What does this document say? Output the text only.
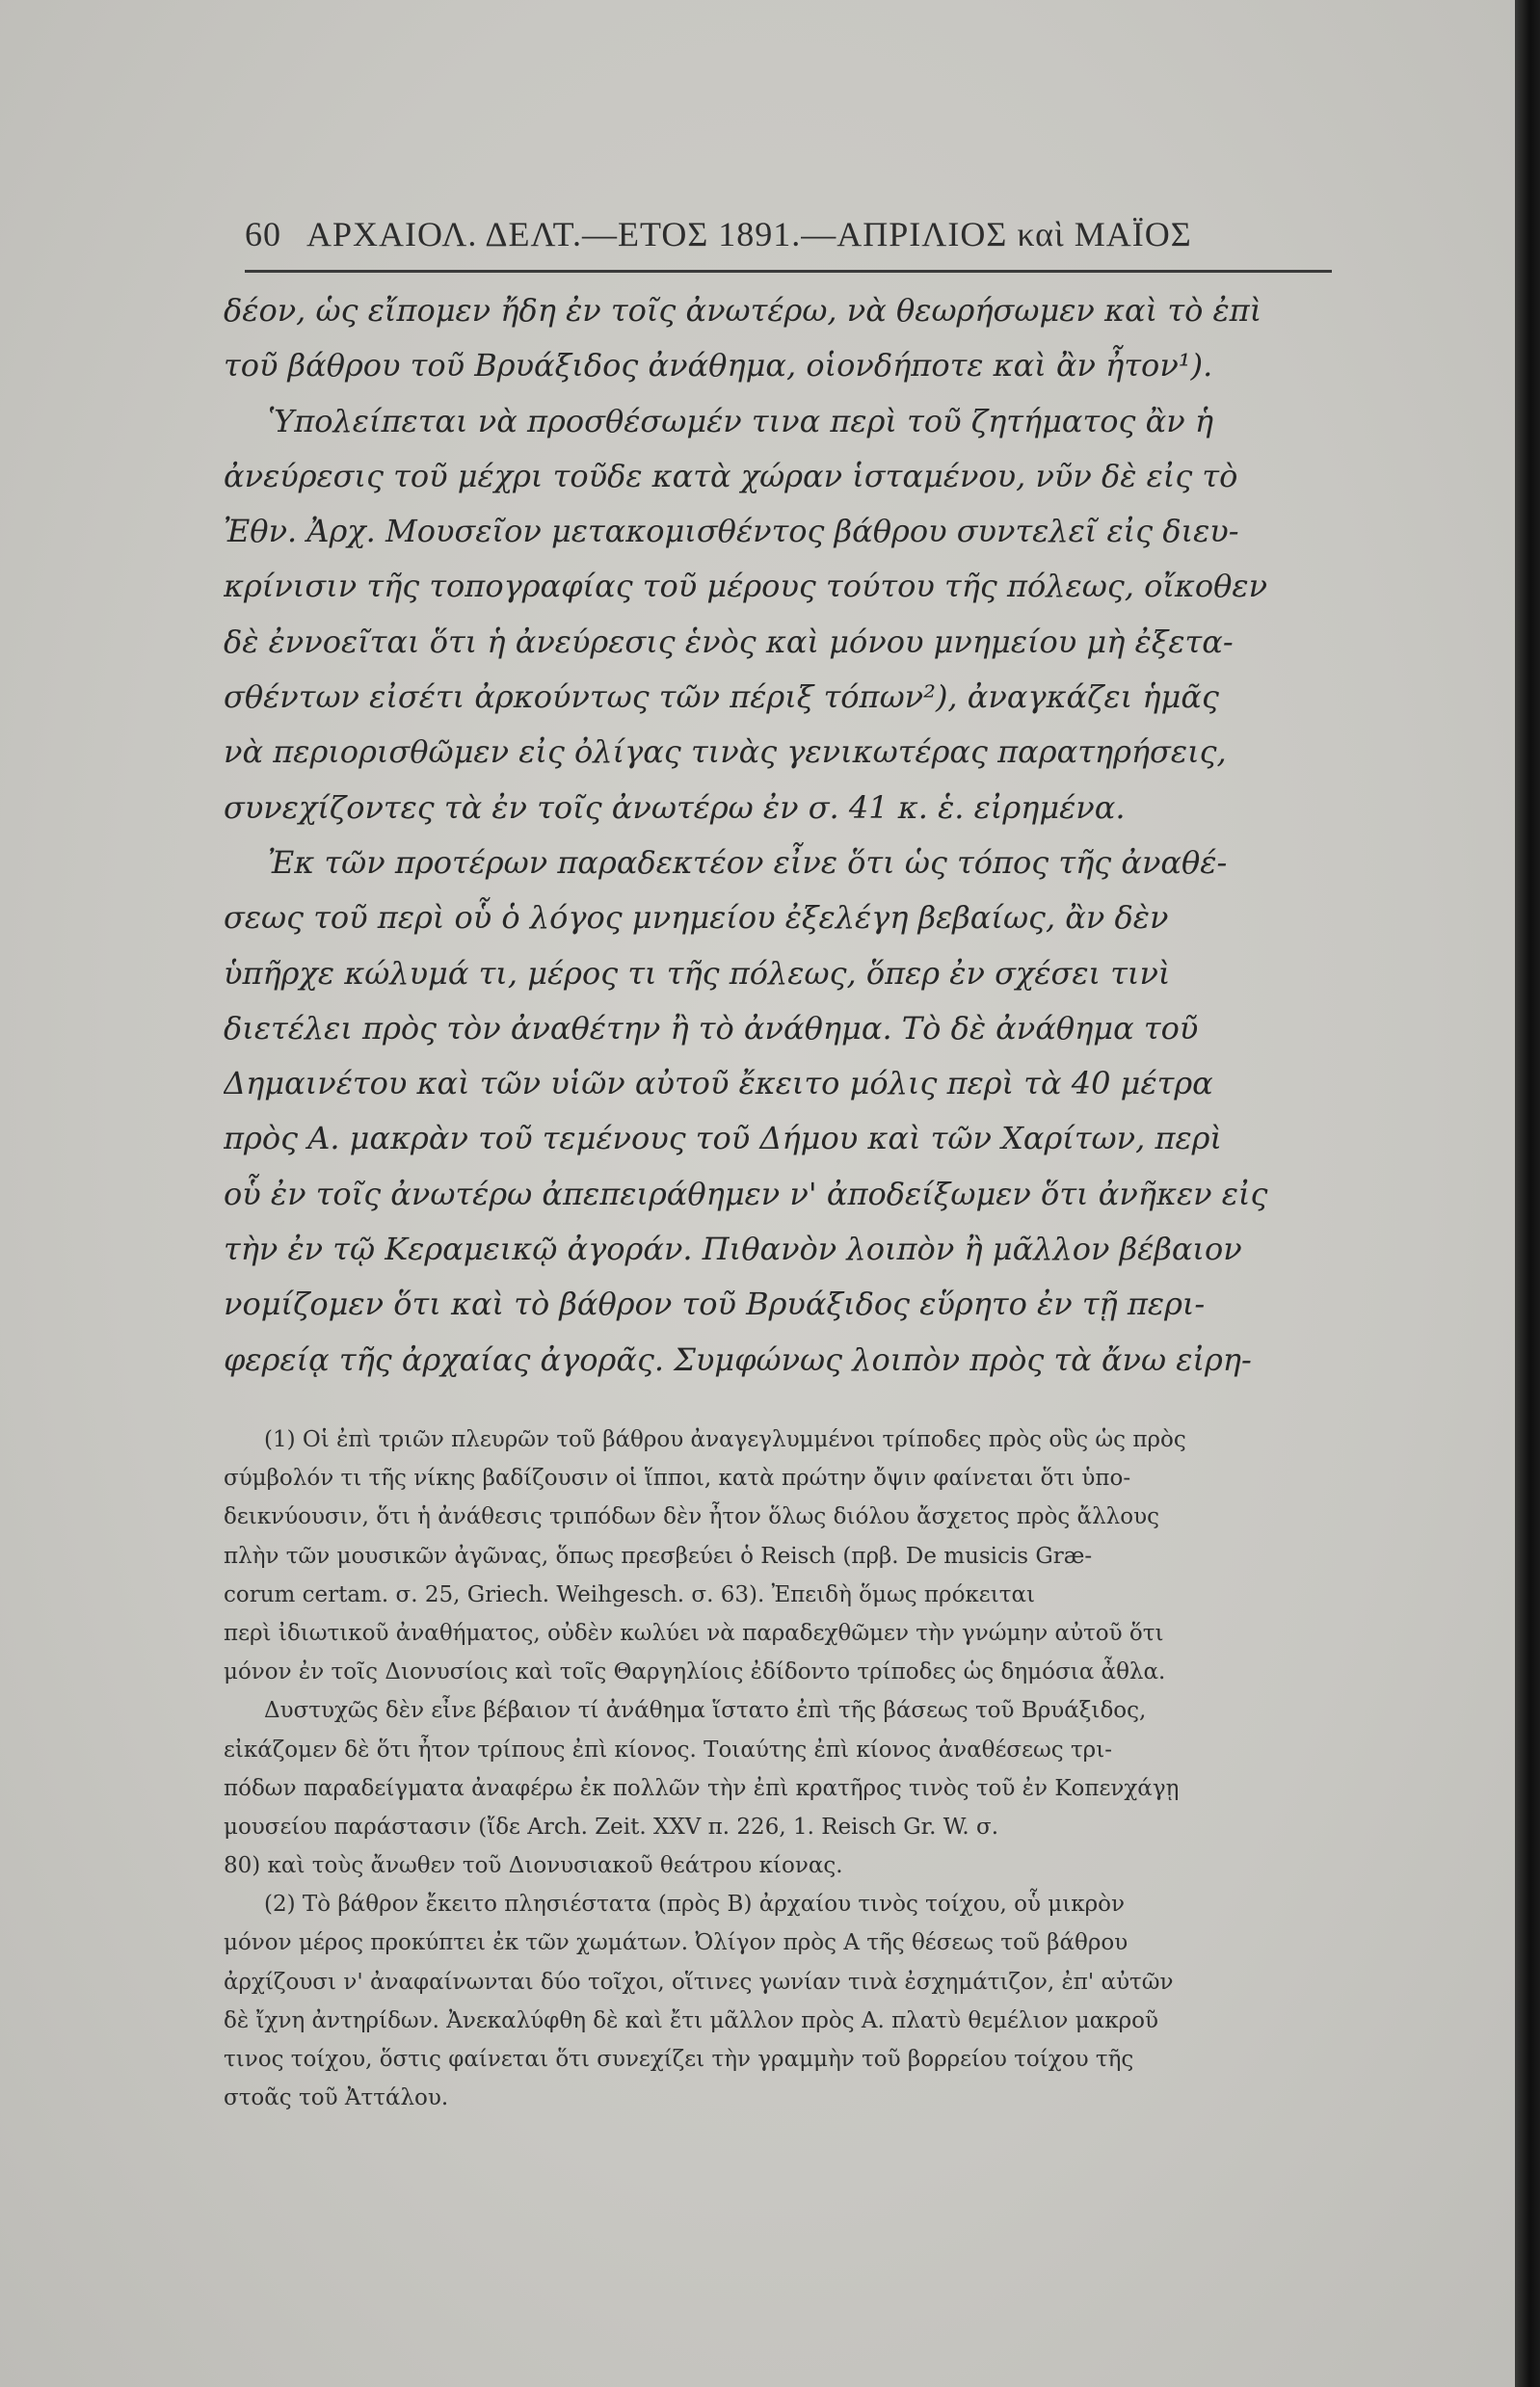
60 ΑΡΧΑΙΟΛ. ΔΕΛΤ.—ΕΤΟΣ 1891.—ΑΠΡΙΛΙΟΣ καὶ ΜΑΪΟΣ
δέον, ὡς εἴπομεν ἤδη ἐν τοῖς ἀνωτέρω, νὰ θεωρήσωμεν καὶ τὸ ἐπὶ
τοῦ βάθρου τοῦ Βρυάξιδος ἀνάθημα, οἱονδήποτε καὶ ἂν ἦτον¹).
Ὑπολείπεται νὰ προσθέσωμέν τινα περὶ τοῦ ζητήματος ἂν ἡ
ἀνεύρεσις τοῦ μέχρι τοῦδε κατὰ χώραν ἱσταμένου, νῦν δὲ εἰς τὸ
Ἐθν. Ἀρχ. Μουσεῖον μετακομισθέντος βάθρου συντελεῖ εἰς διευ-
κρίνισιν τῆς τοπογραφίας τοῦ μέρους τούτου τῆς πόλεως, οἴκοθεν
δὲ ἐννοεῖται ὅτι ἡ ἀνεύρεσις ἑνὸς καὶ μόνου μνημείου μὴ ἐξετα-
σθέντων εἰσέτι ἀρκούντως τῶν πέριξ τόπων²), ἀναγκάζει ἡμᾶς
νὰ περιορισθῶμεν εἰς ὀλίγας τινὰς γενικωτέρας παρατηρήσεις,
συνεχίζοντες τὰ ἐν τοῖς ἀνωτέρω ἐν σ. 41 κ. ἑ. εἰρημένα.
Ἐκ τῶν προτέρων παραδεκτέον εἶνε ὅτι ὡς τόπος τῆς ἀναθέ-
σεως τοῦ περὶ οὗ ὁ λόγος μνημείου ἐξελέγη βεβαίως, ἂν δὲν
ὑπῆρχε κώλυμά τι, μέρος τι τῆς πόλεως, ὅπερ ἐν σχέσει τινὶ
διετέλει πρὸς τὸν ἀναθέτην ἢ τὸ ἀνάθημα. Τὸ δὲ ἀνάθημα τοῦ
Δημαινέτου καὶ τῶν υἱῶν αὐτοῦ ἔκειτο μόλις περὶ τὰ 40 μέτρα
πρὸς Α. μακρὰν τοῦ τεμένους τοῦ Δήμου καὶ τῶν Χαρίτων, περὶ
οὗ ἐν τοῖς ἀνωτέρω ἀπεπειράθημεν ν' ἀποδείξωμεν ὅτι ἀνῆκεν εἰς
τὴν ἐν τῷ Κεραμεικῷ ἀγοράν. Πιθανὸν λοιπὸν ἢ μᾶλλον βέβαιον
νομίζομεν ὅτι καὶ τὸ βάθρον τοῦ Βρυάξιδος εὕρητο ἐν τῇ περι-
φερείᾳ τῆς ἀρχαίας ἀγορᾶς. Συμφώνως λοιπὸν πρὸς τὰ ἄνω εἰρη-
(1) Οἱ ἐπὶ τριῶν πλευρῶν τοῦ βάθρου ἀναγεγλυμμένοι τρίποδες πρὸς οὓς ὡς πρὸς
σύμβολόν τι τῆς νίκης βαδίζουσιν οἱ ἵπποι, κατὰ πρώτην ὄψιν φαίνεται ὅτι ὑπο-
δεικνύουσιν, ὅτι ἡ ἀνάθεσις τριπόδων δὲν ἦτον ὅλως διόλου ἄσχετος πρὸς ἄλλους
πλὴν τῶν μουσικῶν ἀγῶνας, ὅπως πρεσβεύει ὁ Reisch (πρβ. De musicis Græ-
corum certam. σ. 25, Griech. Weihgesch. σ. 63). Ἐπειδὴ ὅμως πρόκειται
περὶ ἰδιωτικοῦ ἀναθήματος, οὐδὲν κωλύει νὰ παραδεχθῶμεν τὴν γνώμην αὐτοῦ ὅτι
μόνον ἐν τοῖς Διονυσίοις καὶ τοῖς Θαργηλίοις ἐδίδοντο τρίποδες ὡς δημόσια ἆθλα.
Δυστυχῶς δὲν εἶνε βέβαιον τί ἀνάθημα ἵστατο ἐπὶ τῆς βάσεως τοῦ Βρυάξιδος,
εἰκάζομεν δὲ ὅτι ἦτον τρίπους ἐπὶ κίονος. Τοιαύτης ἐπὶ κίονος ἀναθέσεως τρι-
πόδων παραδείγματα ἀναφέρω ἐκ πολλῶν τὴν ἐπὶ κρατῆρος τινὸς τοῦ ἐν Κοπενχάγῃ
μουσείου παράστασιν (ἴδε Arch. Zeit. XXV π. 226, 1. Reisch Gr. W. σ.
80) καὶ τοὺς ἄνωθεν τοῦ Διονυσιακοῦ θεάτρου κίονας.
(2) Τὸ βάθρον ἔκειτο πλησιέστατα (πρὸς Β) ἀρχαίου τινὸς τοίχου, οὗ μικρὸν
μόνον μέρος προκύπτει ἐκ τῶν χωμάτων. Ὀλίγον πρὸς Α τῆς θέσεως τοῦ βάθρου
ἀρχίζουσι ν' ἀναφαίνωνται δύο τοῖχοι, οἵτινες γωνίαν τινὰ ἐσχημάτιζον, ἐπ' αὐτῶν
δὲ ἴχνη ἀντηρίδων. Ἀνεκαλύφθη δὲ καὶ ἔτι μᾶλλον πρὸς Α. πλατὺ θεμέλιον μακροῦ
τινος τοίχου, ὅστις φαίνεται ὅτι συνεχίζει τὴν γραμμὴν τοῦ βορρείου τοίχου τῆς
στοᾶς τοῦ Ἀττάλου.
